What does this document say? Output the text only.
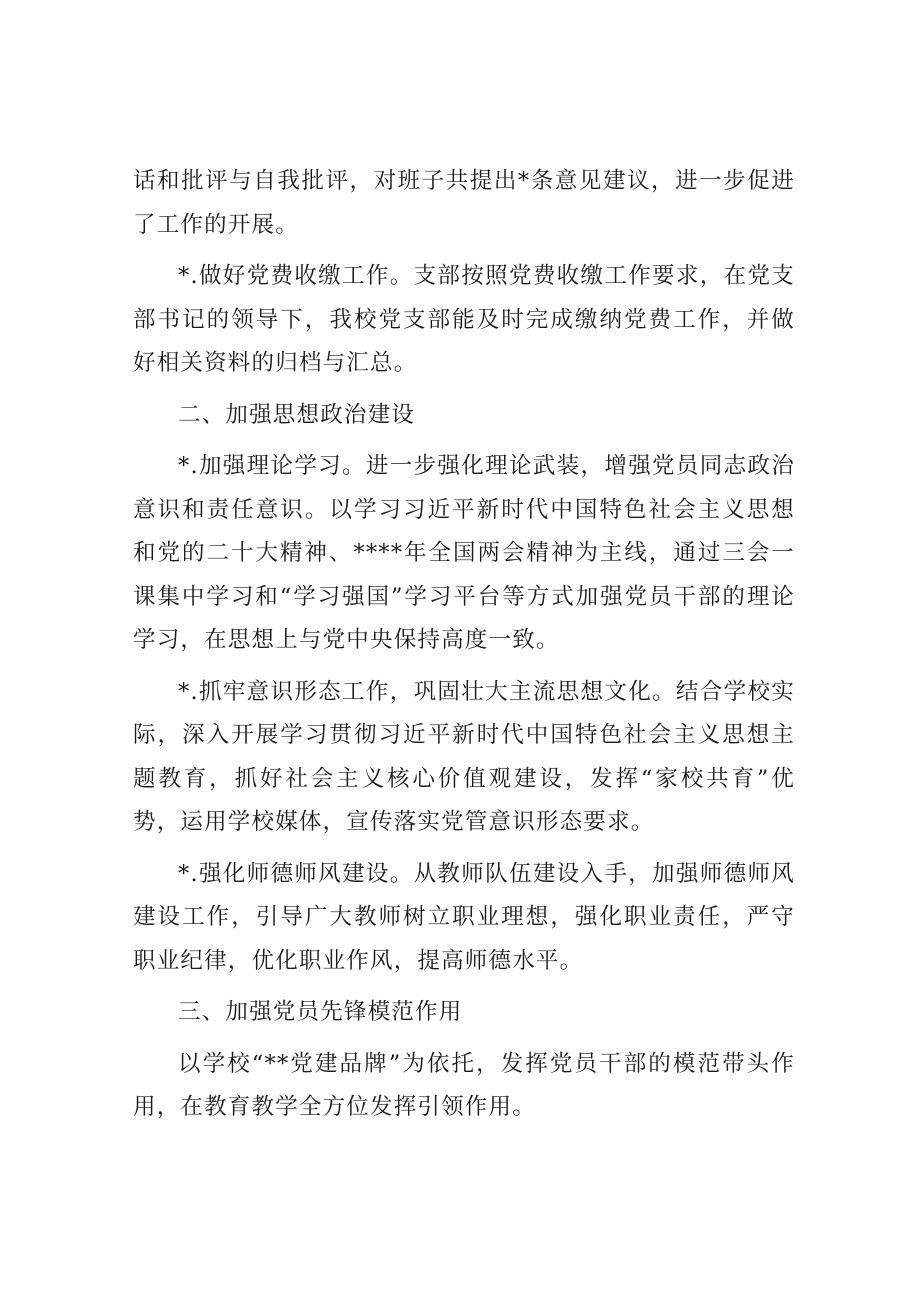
话和批评与自我批评，对班子共提出*条意见建议，进一步促进了工作的开展。

*.做好党费收缴工作。支部按照党费收缴工作要求，在党支部书记的领导下，我校党支部能及时完成缴纳党费工作，并做好相关资料的归档与汇总。

二、加强思想政治建设

*.加强理论学习。进一步强化理论武装，增强党员同志政治意识和责任意识。以学习习近平新时代中国特色社会主义思想和党的二十大精神、****年全国两会精神为主线，通过三会一课集中学习和“学习强国”学习平台等方式加强党员干部的理论学习，在思想上与党中央保持高度一致。

*.抓牢意识形态工作，巩固壮大主流思想文化。结合学校实际，深入开展学习贯彻习近平新时代中国特色社会主义思想主题教育，抓好社会主义核心价值观建设，发挥“家校共育”优势，运用学校媒体，宣传落实党管意识形态要求。

*.强化师德师风建设。从教师队伍建设入手，加强师德师风建设工作，引导广大教师树立职业理想，强化职业责任，严守职业纪律，优化职业作风，提高师德水平。

三、加强党员先锋模范作用

以学校“**党建品牌”为依托，发挥党员干部的模范带头作用，在教育教学全方位发挥引领作用。
